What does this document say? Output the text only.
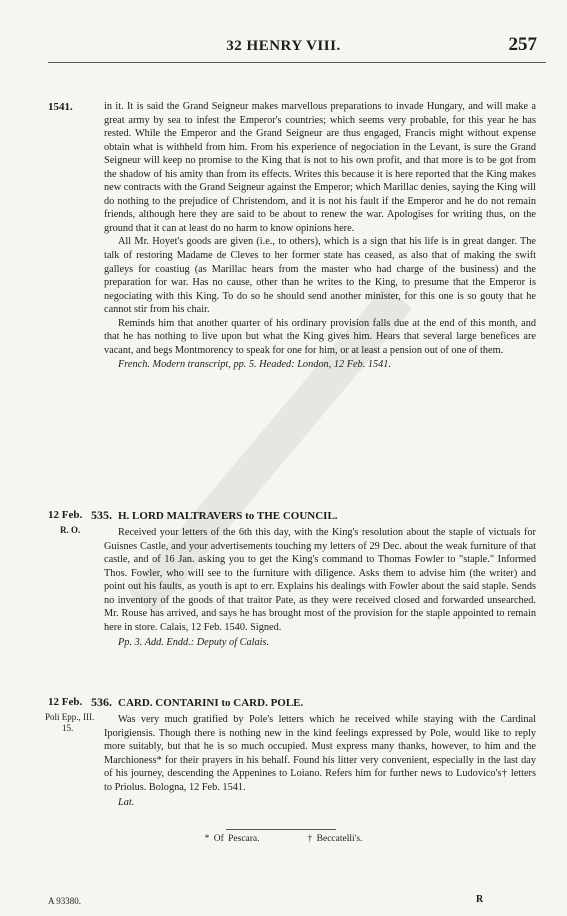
32 HENRY VIII.	257
1541.	in it. It is said the Grand Seigneur makes marvellous preparations to invade Hungary, and will make a great army by sea to infest the Emperor's countries; which seems very probable, for this year he has rested. While the Emperor and the Grand Seigneur are thus engaged, Francis might without expense obtain what is withheld from him. From his experience of negociation in the Levant, is sure the Grand Seigneur will keep no promise to the King that is not to his own profit, and that more is to be got from the shadow of his amity than from its effects. Writes this because it is here reported that the King makes new contracts with the Grand Seigneur against the Emperor; which Marillac denies, saying the King will do nothing to the prejudice of Christendom, and it is not his fault if the Emperor and he do not remain friends, although here they are said to be about to renew the war. Apologises for writing thus, on the ground that it can at least do no harm to know opinions here.

All Mr. Hoyet's goods are given (i.e., to others), which is a sign that his life is in great danger. The talk of restoring Madame de Cleves to her former state has ceased, as also that of making the swift galleys for coastiug (as Marillac hears from the master who had charge of the business) and the preparation for war. Has no cause, other than he writes to the King, to presume that the Emperor is negociating with this King. To do so he should send another minister, for this one is so gouty that he cannot stir from his chair.

Reminds him that another quarter of his ordinary provision falls due at the end of this month, and that he has nothing to live upon but what the King gives him. Hears that several large benefices are vacant, and begs Montmorency to speak for one for him, or at least a pension out of one of them.

French. Modern transcript, pp. 5. Headed: London, 12 Feb. 1541.

12 Feb.
R. O.
535. H. LORD MALTRAVERS to THE COUNCIL.

Received your letters of the 6th this day, with the King's resolution about the staple of victuals for Guisnes Castle, and your advertisements touching my letters of 29 Dec. about the weak furniture of that castle, and of 16 Jan. asking you to get the King's command to Thomas Fowler to "staple." Informed Thos. Fowler, who will see to the furniture with diligence. Asks them to advise him (the writer) and point out his faults, as youth is apt to err. Explains his dealings with Fowler about the said staple. Sends no inventory of the goods of that traitor Pate, as they were received closed and forwarded unsearched. Mr. Rouse has arrived, and says he has brought most of the provision for the staple appointed to remain here in store. Calais, 12 Feb. 1540. Signed.

Pp. 3. Add. Endd.: Deputy of Calais.

12 Feb.
Poli Epp., III.
15.
536. CARD. CONTARINI to CARD. POLE.

Was very much gratified by Pole's letters which he received while staying with the Cardinal Iporigiensis. Though there is nothing new in the kind feelings expressed by Pole, would like to reply more suitably, but that he is so much occupied. Must express many thanks, however, to him and the Marchioness* for their prayers in his behalf. Found his litter very convenient, especially in the last day of his journey, descending the Appenines to Loiano. Refers him for further news to Ludovico's† letters to Priolus. Bologna, 12 Feb. 1541.

Lat.

* Of Pescara.	† Beccatelli's.
A 93380.	R
